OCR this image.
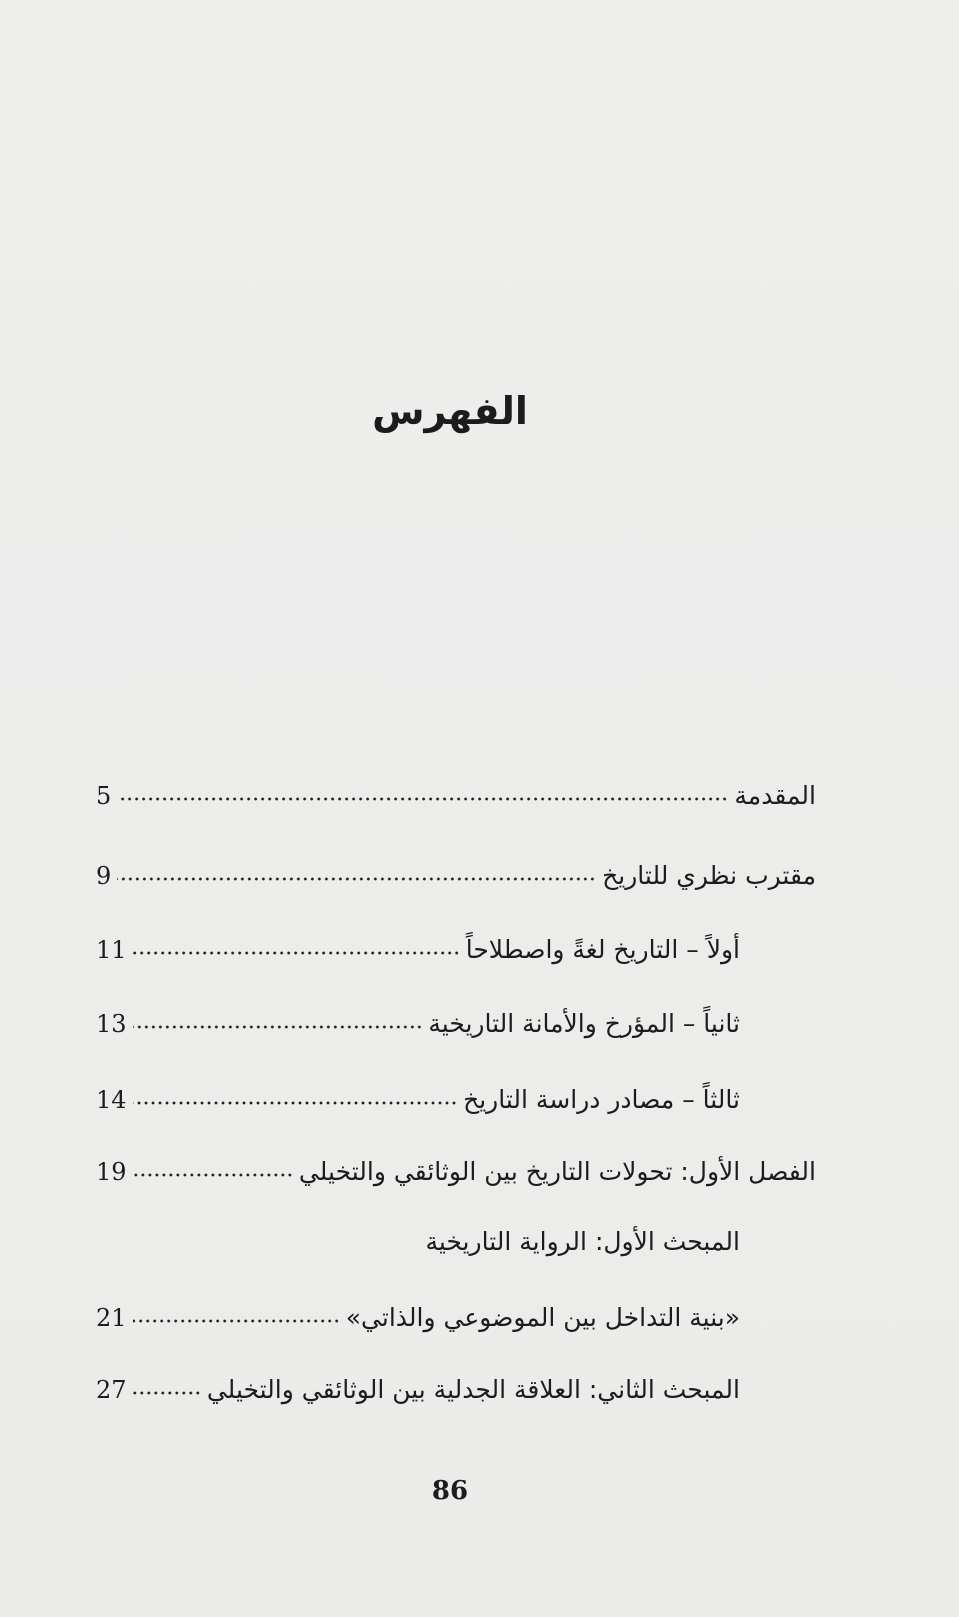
الفهرس
5	المقدمة
9	مقترب نظري للتاريخ
11	أولاً – التاريخ لغةً واصطلاحاً
13	ثانياً – المؤرخ والأمانة التاريخية
14	ثالثاً – مصادر دراسة التاريخ
19	الفصل الأول: تحولات التاريخ بين الوثائقي والتخيلي
المبحث الأول: الرواية التاريخية
21	«بنية التداخل بين الموضوعي والذاتي»
27	المبحث الثاني: العلاقة الجدلية بين الوثائقي والتخيلي
86
